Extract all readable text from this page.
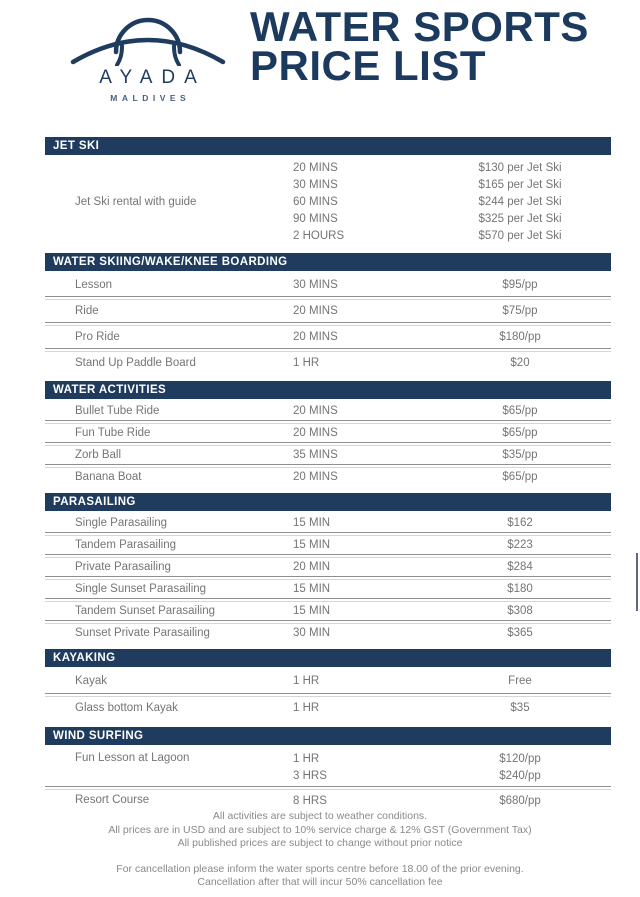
AYADA
MALDIVES
WATER SPORTS
PRICE LIST
JET SKI
Jet Ski rental with guide
20 MINS	$130 per Jet Ski
30 MINS	$165 per Jet Ski
60 MINS	$244 per Jet Ski
90 MINS	$325 per Jet Ski
2 HOURS	$570 per Jet Ski
WATER SKIING/WAKE/KNEE BOARDING
Lesson	30 MINS	$95/pp
Ride	20 MINS	$75/pp
Pro Ride	20 MINS	$180/pp
Stand Up Paddle Board	1 HR	$20
WATER ACTIVITIES
Bullet Tube Ride	20 MINS	$65/pp
Fun Tube Ride	20 MINS	$65/pp
Zorb Ball	35 MINS	$35/pp
Banana Boat	20 MINS	$65/pp
PARASAILING
Single Parasailing	15 MIN	$162
Tandem Parasailing	15 MIN	$223
Private Parasailing	20 MIN	$284
Single Sunset Parasailing	15 MIN	$180
Tandem Sunset Parasailing	15 MIN	$308
Sunset Private Parasailing	30 MIN	$365
KAYAKING
Kayak	1 HR	Free
Glass bottom Kayak	1 HR	$35
WIND SURFING
Fun Lesson at Lagoon	1 HR	$120/pp
3 HRS	$240/pp
Resort Course	8 HRS	$680/pp
All activities are subject to weather conditions.
All prices are in USD and are subject to 10% service charge & 12% GST (Government Tax)
All published prices are subject to change without prior notice
For cancellation please inform the water sports centre before 18.00 of the prior evening.
Cancellation after that will incur 50% cancellation fee
